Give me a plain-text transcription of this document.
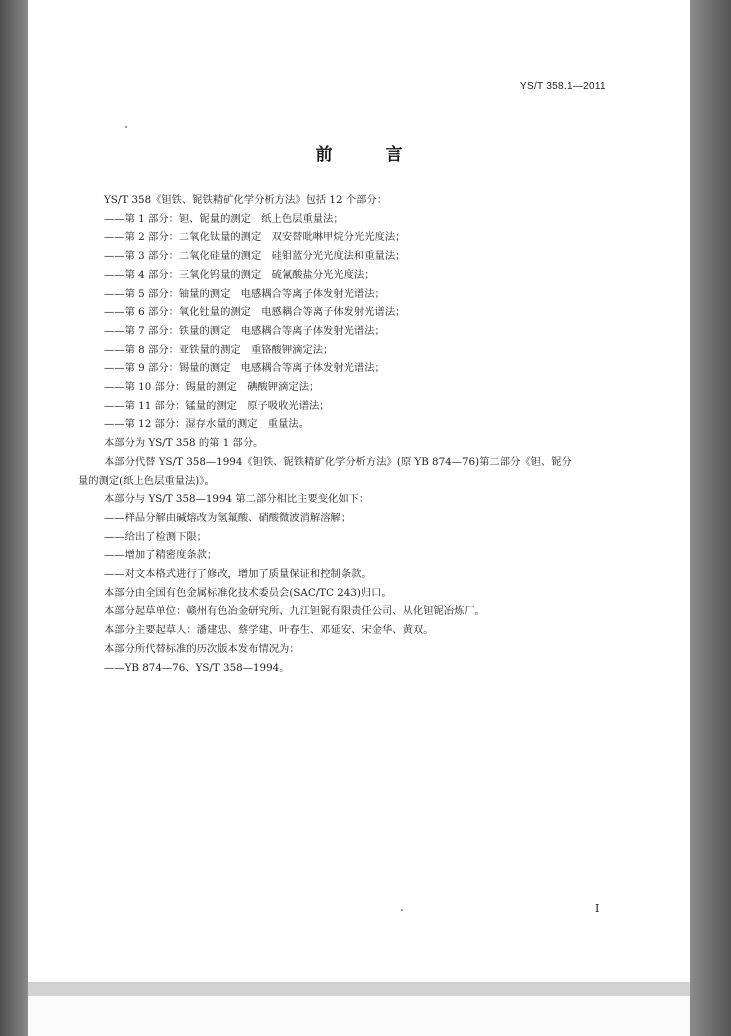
YS/T 358.1—2011
前　言
YS/T 358《钽铁、铌铁精矿化学分析方法》包括 12 个部分：
——第 1 部分：钽、铌量的测定　纸上色层重量法；
——第 2 部分：二氧化钛量的测定　双安替吡啉甲烷分光光度法；
——第 3 部分：二氧化硅量的测定　硅钼蓝分光光度法和重量法；
——第 4 部分：三氧化钨量的测定　硫氰酸盐分光光度法；
——第 5 部分：铀量的测定　电感耦合等离子体发射光谱法；
——第 6 部分：氧化钍量的测定　电感耦合等离子体发射光谱法；
——第 7 部分：铁量的测定　电感耦合等离子体发射光谱法；
——第 8 部分：亚铁量的测定　重铬酸钾滴定法；
——第 9 部分：锡量的测定　电感耦合等离子体发射光谱法；
——第 10 部分：锡量的测定　碘酸钾滴定法；
——第 11 部分：锰量的测定　原子吸收光谱法；
——第 12 部分：湿存水量的测定　重量法。
本部分为 YS/T 358 的第 1 部分。
本部分代替 YS/T 358—1994《钽铁、铌铁精矿化学分析方法》(原 YB 874—76)第二部分《钽、铌分
量的测定(纸上色层重量法)》。
本部分与 YS/T 358—1994 第二部分相比主要变化如下：
——样品分解由碱熔改为氢氟酸、硝酸微波消解溶解；
——给出了检测下限；
——增加了精密度条款；
——对文本格式进行了修改，增加了质量保证和控制条款。
本部分由全国有色金属标准化技术委员会(SAC/TC 243)归口。
本部分起草单位：赣州有色冶金研究所、九江钽铌有限责任公司、从化钽铌冶炼厂。
本部分主要起草人：潘建忠、蔡学建、叶春生、邓延安、宋金华、黄双。
本部分所代替标准的历次版本发布情况为：
——YB 874—76、YS/T 358—1994。
I
